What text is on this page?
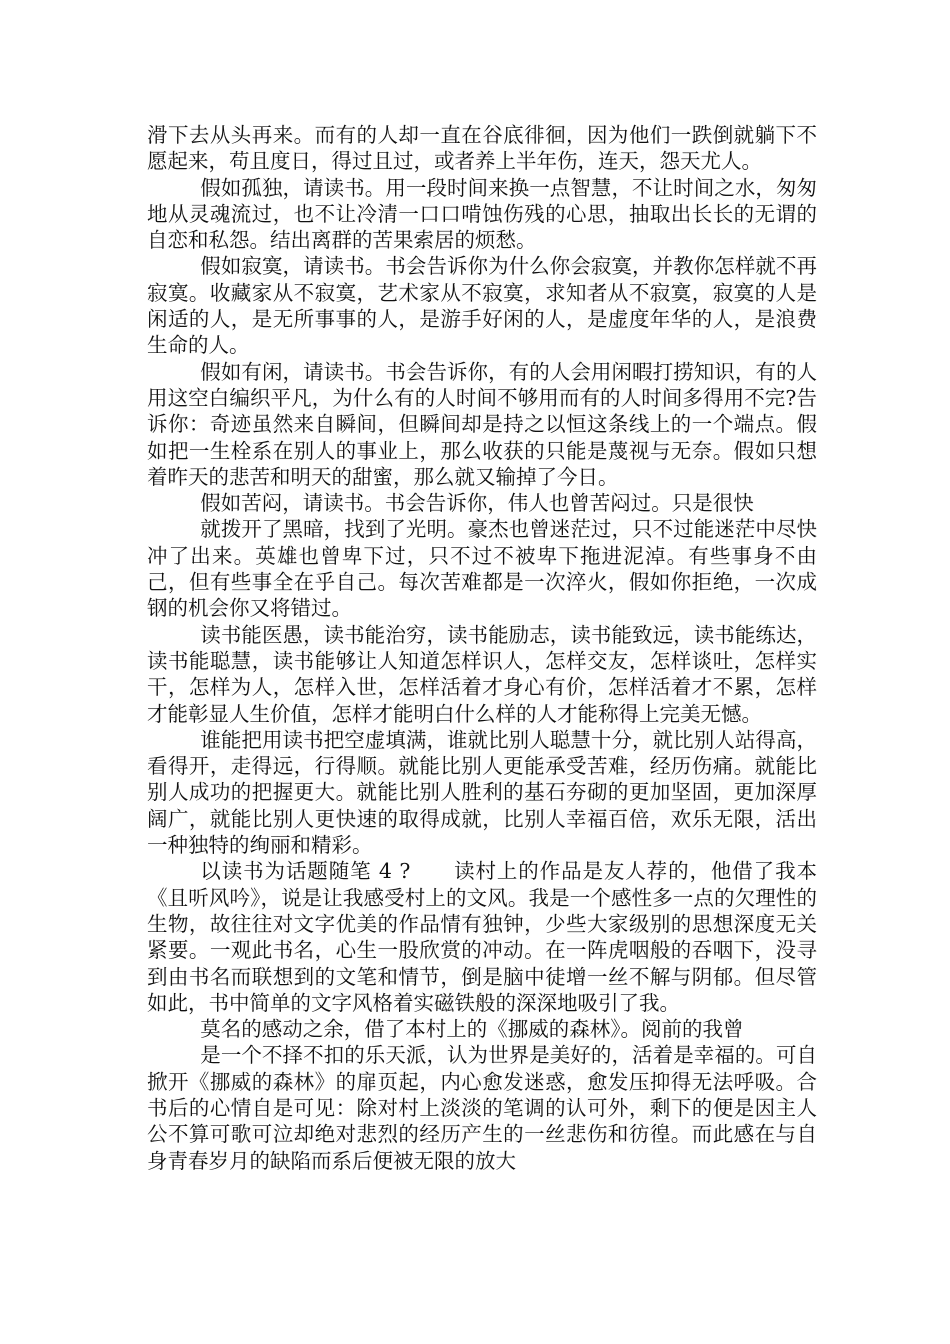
滑下去从头再来。而有的人却一直在谷底徘徊，因为他们一跌倒就躺下不愿起来，苟且度日，得过且过，或者养上半年伤，连天，怨天尤人。

假如孤独，请读书。用一段时间来换一点智慧，不让时间之水，匆匆地从灵魂流过，也不让冷清一口口啃蚀伤残的心思，抽取出长长的无谓的自恋和私怨。结出离群的苦果索居的烦愁。

假如寂寞，请读书。书会告诉你为什么你会寂寞，并教你怎样就不再寂寞。收藏家从不寂寞，艺术家从不寂寞，求知者从不寂寞，寂寞的人是闲适的人，是无所事事的人，是游手好闲的人，是虚度年华的人，是浪费生命的人。

假如有闲，请读书。书会告诉你，有的人会用闲暇打捞知识，有的人用这空白编织平凡，为什么有的人时间不够用而有的人时间多得用不完?告诉你：奇迹虽然来自瞬间，但瞬间却是持之以恒这条线上的一个端点。假如把一生栓系在别人的事业上，那么收获的只能是蔑视与无奈。假如只想着昨天的悲苦和明天的甜蜜，那么就又输掉了今日。

假如苦闷，请读书。书会告诉你，伟人也曾苦闷过。只是很快

就拨开了黑暗，找到了光明。豪杰也曾迷茫过，只不过能迷茫中尽快冲了出来。英雄也曾卑下过，只不过不被卑下拖进泥淖。有些事身不由己，但有些事全在乎自己。每次苦难都是一次淬火，假如你拒绝，一次成钢的机会你又将错过。

读书能医愚，读书能治穷，读书能励志，读书能致远，读书能练达，读书能聪慧，读书能够让人知道怎样识人，怎样交友，怎样谈吐，怎样实干，怎样为人，怎样入世，怎样活着才身心有价，怎样活着才不累，怎样才能彰显人生价值，怎样才能明白什么样的人才能称得上完美无憾。

谁能把用读书把空虚填满，谁就比别人聪慧十分，就比别人站得高，看得开，走得远，行得顺。就能比别人更能承受苦难，经历伤痛。就能比别人成功的把握更大。就能比别人胜利的基石夯砌的更加坚固，更加深厚阔广，就能比别人更快速的取得成就，比别人幸福百倍，欢乐无限，活出一种独特的绚丽和精彩。

以读书为话题随笔 4 ?　　读村上的作品是友人荐的，他借了我本《且听风吟》，说是让我感受村上的文风。我是一个感性多一点的欠理性的生物，故往往对文字优美的作品情有独钟，少些大家级别的思想深度无关紧要。一观此书名，心生一股欣赏的冲动。在一阵虎咽般的吞咽下，没寻到由书名而联想到的文笔和情节，倒是脑中徒增一丝不解与阴郁。但尽管如此，书中简单的文字风格着实磁铁般的深深地吸引了我。

莫名的感动之余，借了本村上的《挪威的森林》。阅前的我曾

是一个不择不扣的乐天派，认为世界是美好的，活着是幸福的。可自掀开《挪威的森林》的扉页起，内心愈发迷惑，愈发压抑得无法呼吸。合书后的心情自是可见：除对村上淡淡的笔调的认可外，剩下的便是因主人公不算可歌可泣却绝对悲烈的经历产生的一丝悲伤和彷徨。而此感在与自身青春岁月的缺陷而系后便被无限的放大
